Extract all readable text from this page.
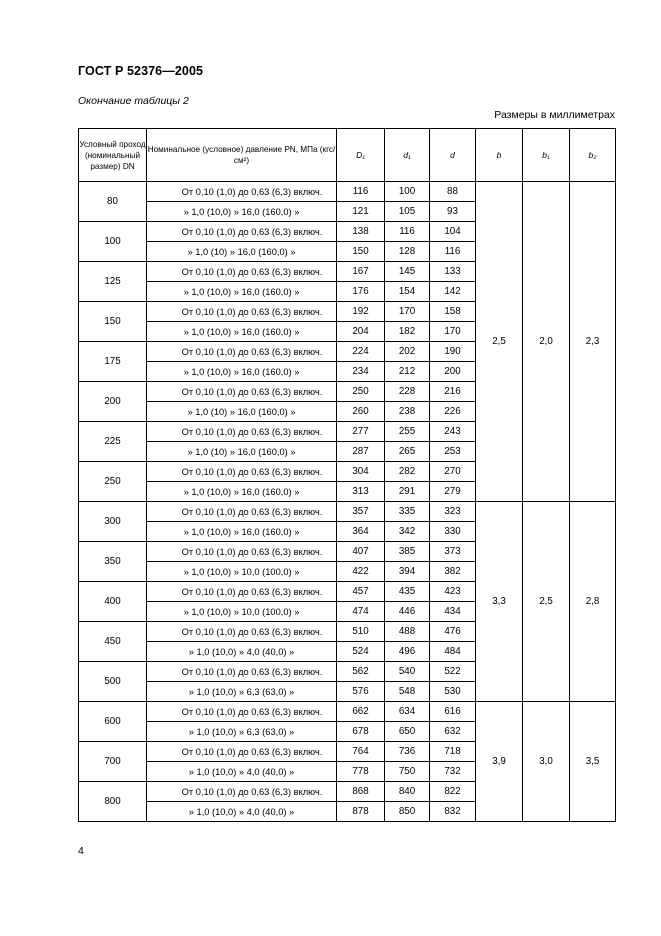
ГОСТ Р 52376—2005
Окончание таблицы 2
Размеры в миллиметрах
Условный проход (номинальный размер) DN	Номинальное (условное) давление PN, МПа (кгс/см²)	D₁	d₁	d	b	b₁	b₂
80	От 0,10 (1,0) до 0,63 (6,3) включ.	116	100	88	2,5	2,0	2,3
	» 1,0 (10,0) » 16,0 (160,0) »	121	105	93			
100	От 0,10 (1,0) до 0,63 (6,3) включ.	138	116	104			
	» 1,0 (10) » 16,0 (160,0) »	150	128	116			
125	От 0,10 (1,0) до 0,63 (6,3) включ.	167	145	133			
	» 1,0 (10,0) » 16,0 (160,0) »	176	154	142			
150	От 0,10 (1,0) до 0,63 (6,3) включ.	192	170	158			
	» 1,0 (10,0) » 16,0 (160,0) »	204	182	170			
175	От 0,10 (1,0) до 0,63 (6,3) включ.	224	202	190			
	» 1,0 (10,0) » 16,0 (160,0) »	234	212	200			
200	От 0,10 (1,0) до 0,63 (6,3) включ.	250	228	216			
	» 1,0 (10) » 16,0 (160,0) »	260	238	226			
225	От 0,10 (1,0) до 0,63 (6,3) включ.	277	255	243			
	» 1,0 (10) » 16,0 (160,0) »	287	265	253			
250	От 0,10 (1,0) до 0,63 (6,3) включ.	304	282	270			
	» 1,0 (10,0) » 16,0 (160,0) »	313	291	279			
300	От 0,10 (1,0) до 0,63 (6,3) включ.	357	335	323	3,3	2,5	2,8
	» 1,0 (10,0) » 16,0 (160,0) »	364	342	330			
350	От 0,10 (1,0) до 0,63 (6,3) включ.	407	385	373			
	» 1,0 (10,0) » 10,0 (100,0) »	422	394	382			
400	От 0,10 (1,0) до 0,63 (6,3) включ.	457	435	423			
	» 1,0 (10,0) » 10,0 (100,0) »	474	446	434			
450	От 0,10 (1,0) до 0,63 (6,3) включ.	510	488	476			
	» 1,0 (10,0) » 4,0 (40,0) »	524	496	484			
500	От 0,10 (1,0) до 0,63 (6,3) включ.	562	540	522			
	» 1,0 (10,0) » 6,3 (63,0) »	576	548	530			
600	От 0,10 (1,0) до 0,63 (6,3) включ.	662	634	616	3,9	3,0	3,5
	» 1,0 (10,0) » 6,3 (63,0) »	678	650	632			
700	От 0,10 (1,0) до 0,63 (6,3) включ.	764	736	718			
	» 1,0 (10,0) » 4,0 (40,0) »	778	750	732			
800	От 0,10 (1,0) до 0,63 (6,3) включ.	868	840	822			
	» 1,0 (10,0) » 4,0 (40,0) »	878	850	832			
4
